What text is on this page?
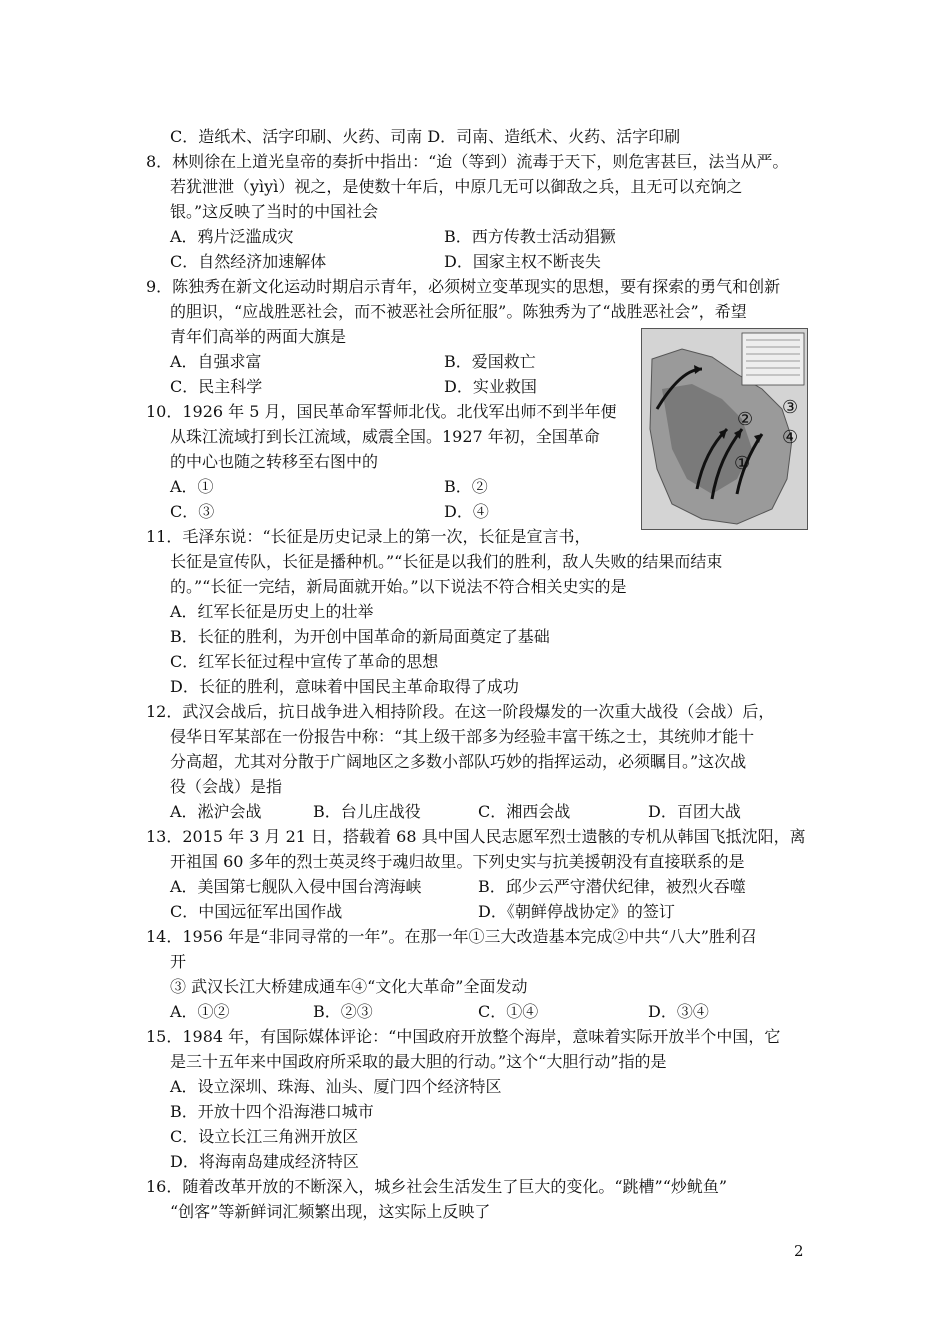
C．造纸术、活字印刷、火药、司南 D．司南、造纸术、火药、活字印刷
8．林则徐在上道光皇帝的奏折中指出：“迨（等到）流毒于天下，则危害甚巨，法当从严。
若犹泄泄（yìyì）视之，是使数十年后，中原几无可以御敌之兵，且无可以充饷之
银。”这反映了当时的中国社会
A．鸦片泛滥成灾	B．西方传教士活动猖獗
C．自然经济加速解体	D．国家主权不断丧失
9．陈独秀在新文化运动时期启示青年，必须树立变革现实的思想，要有探索的勇气和创新
的胆识，“应战胜恶社会，而不被恶社会所征服”。陈独秀为了“战胜恶社会”，希望
青年们高举的两面大旗是
A．自强求富	B．爱国救亡
C．民主科学	D．实业救国
10．1926 年 5 月，国民革命军誓师北伐。北伐军出师不到半年便
从珠江流域打到长江流域，威震全国。1927 年初，全国革命
的中心也随之转移至右图中的
A．①	B．②
C．③	D．④
11．毛泽东说：“长征是历史记录上的第一次，长征是宣言书，
长征是宣传队，长征是播种机。”“长征是以我们的胜利，敌人失败的结果而结束
的。”“长征一完结，新局面就开始。”以下说法不符合相关史实的是
A．红军长征是历史上的壮举
B．长征的胜利，为开创中国革命的新局面奠定了基础
C．红军长征过程中宣传了革命的思想
D．长征的胜利，意味着中国民主革命取得了成功
12．武汉会战后，抗日战争进入相持阶段。在这一阶段爆发的一次重大战役（会战）后，
侵华日军某部在一份报告中称：“其上级干部多为经验丰富干练之士，其统帅才能十
分高超，尤其对分散于广阔地区之多数小部队巧妙的指挥运动，必须瞩目。”这次战
役（会战）是指
A．淞沪会战	B．台儿庄战役	C．湘西会战	D．百团大战
13．2015 年 3 月 21 日，搭载着 68 具中国人民志愿军烈士遗骸的专机从韩国飞抵沈阳，离
开祖国 60 多年的烈士英灵终于魂归故里。下列史实与抗美援朝没有直接联系的是
A．美国第七舰队入侵中国台湾海峡	B．邱少云严守潜伏纪律，被烈火吞噬
C．中国远征军出国作战	D．《朝鲜停战协定》的签订
14．1956 年是“非同寻常的一年”。在那一年①三大改造基本完成②中共“八大”胜利召
开
③ 武汉长江大桥建成通车④“文化大革命”全面发动
A．①②	B．②③	C．①④	D．③④
15．1984 年，有国际媒体评论：“中国政府开放整个海岸，意味着实际开放半个中国，它
是三十五年来中国政府所采取的最大胆的行动。”这个“大胆行动”指的是
A．设立深圳、珠海、汕头、厦门四个经济特区
B．开放十四个沿海港口城市
C．设立长江三角洲开放区
D．将海南岛建成经济特区
16．随着改革开放的不断深入，城乡社会生活发生了巨大的变化。“跳槽”“炒鱿鱼”
“创客”等新鲜词汇频繁出现，这实际上反映了
①
②
③
④
2
